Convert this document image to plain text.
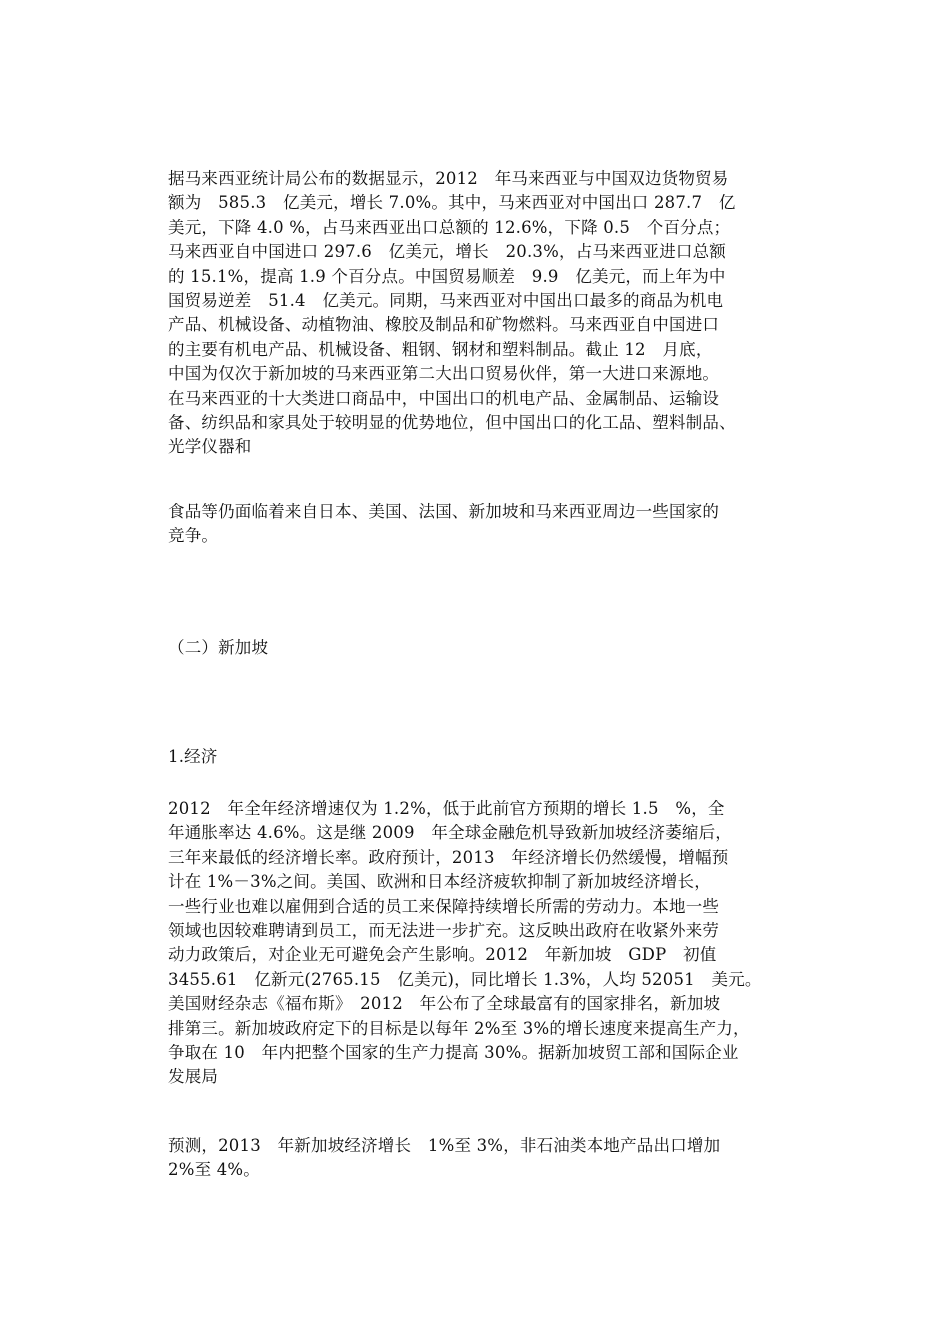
据马来西亚统计局公布的数据显示，2012　年马来西亚与中国双边货物贸易
额为　585.3　亿美元，增长 7.0%。其中，马来西亚对中国出口 287.7　亿
美元，下降 4.0 %，占马来西亚出口总额的 12.6%，下降 0.5　个百分点；
马来西亚自中国进口 297.6　亿美元，增长　20.3%，占马来西亚进口总额
的 15.1%，提高 1.9 个百分点。中国贸易顺差　9.9　亿美元，而上年为中
国贸易逆差　51.4　亿美元。同期，马来西亚对中国出口最多的商品为机电
产品、机械设备、动植物油、橡胶及制品和矿物燃料。马来西亚自中国进口
的主要有机电产品、机械设备、粗钢、钢材和塑料制品。截止 12　月底，
中国为仅次于新加坡的马来西亚第二大出口贸易伙伴，第一大进口来源地。
在马来西亚的十大类进口商品中，中国出口的机电产品、金属制品、运输设
备、纺织品和家具处于较明显的优势地位，但中国出口的化工品、塑料制品、
光学仪器和
食品等仍面临着来自日本、美国、法国、新加坡和马来西亚周边一些国家的
竞争。
（二）新加坡
1.经济
2012　年全年经济增速仅为 1.2%，低于此前官方预期的增长 1.5　%，全
年通胀率达 4.6%。这是继 2009　年全球金融危机导致新加坡经济萎缩后，
三年来最低的经济增长率。政府预计，2013　年经济增长仍然缓慢，增幅预
计在 1%－3%之间。美国、欧洲和日本经济疲软抑制了新加坡经济增长，
一些行业也难以雇佣到合适的员工来保障持续增长所需的劳动力。本地一些
领域也因较难聘请到员工，而无法进一步扩充。这反映出政府在收紧外来劳
动力政策后，对企业无可避免会产生影响。2012　年新加坡　GDP　初值
3455.61　亿新元(2765.15　亿美元)，同比增长 1.3%，人均 52051　美元。
美国财经杂志《福布斯》　2012　年公布了全球最富有的国家排名，新加坡
排第三。新加坡政府定下的目标是以每年 2%至 3%的增长速度来提高生产力，
争取在 10　年内把整个国家的生产力提高 30%。据新加坡贸工部和国际企业
发展局
预测，2013　年新加坡经济增长　1%至 3%，非石油类本地产品出口增加
2%至 4%。
